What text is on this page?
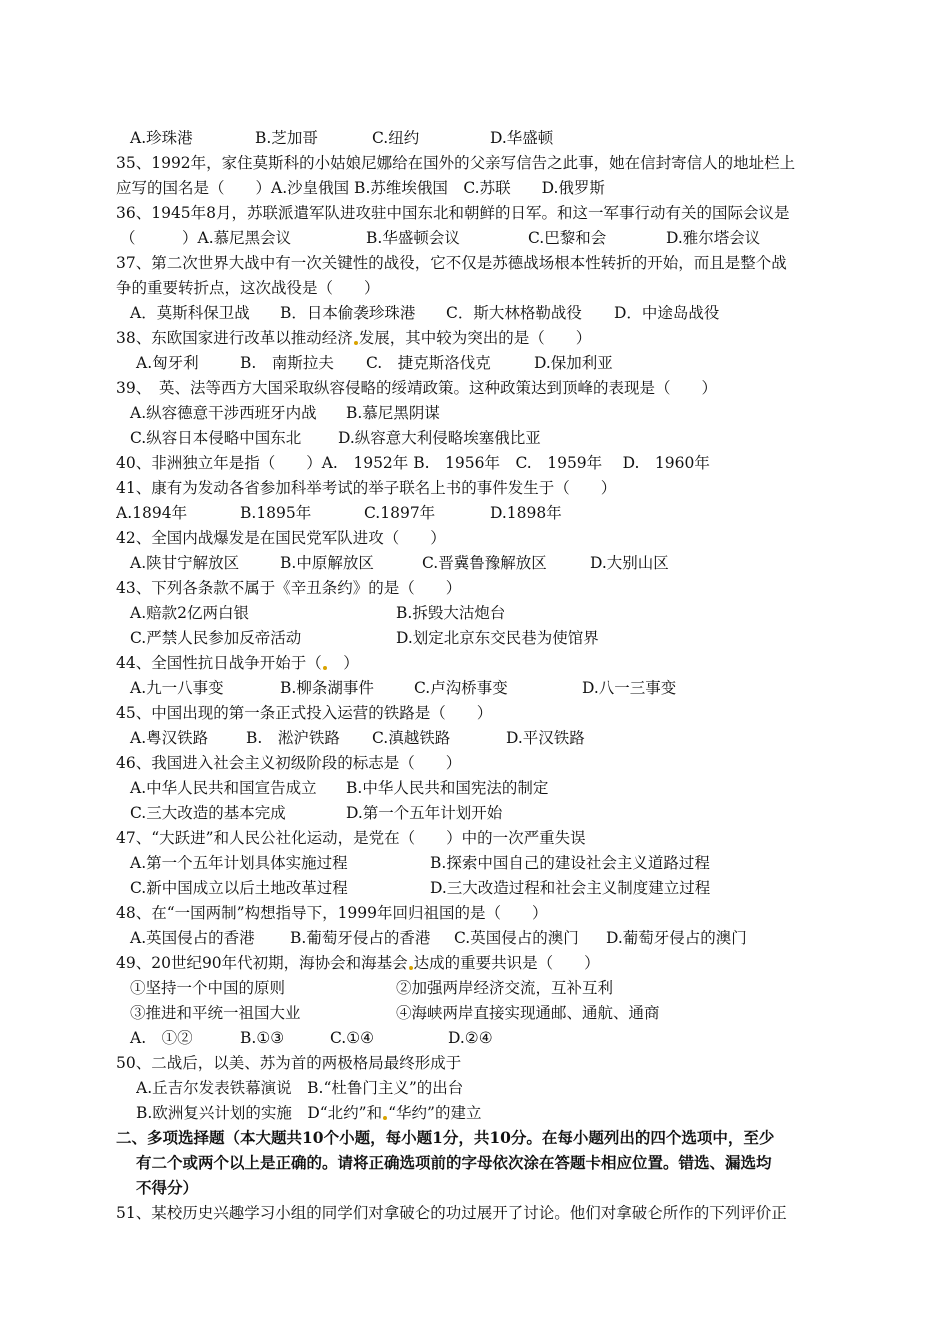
A.珍珠港	B.芝加哥	C.纽约	D.华盛顿
35、1992年，家住莫斯科的小姑娘尼娜给在国外的父亲写信告之此事，她在信封寄信人的地址栏上
应写的国名是（　　）A.沙皇俄国 B.苏维埃俄国　C.苏联　　D.俄罗斯
36、1945年8月，苏联派遣军队进攻驻中国东北和朝鲜的日军。和这一军事行动有关的国际会议是
（　　　）A.慕尼黑会议	B.华盛顿会议	C.巴黎和会	D.雅尔塔会议
37、第二次世界大战中有一次关键性的战役，它不仅是苏德战场根本性转折的开始，而且是整个战
争的重要转折点，这次战役是（　　）
A．莫斯科保卫战 B．日本偷袭珍珠港 C．斯大林格勒战役 D．中途岛战役
38、东欧国家进行改革以推动经济 发展，其中较为突出的是（　　）
A.匈牙利	B.　南斯拉夫 C.　捷克斯洛伐克	D.保加利亚
39、　英、法等西方大国采取纵容侵略的绥靖政策。这种政策达到顶峰的表现是（　　）
A.纵容德意干涉西班牙内战 B.慕尼黑阴谋
C.纵容日本侵略中国东北 D.纵容意大利侵略埃塞俄比亚
40、非洲独立年是指（　　）A.　1952年 B.　1956年　C.　1959年　 D.　1960年
41、康有为发动各省参加科举考试的举子联名上书的事件发生于（　　）
A.1894年	B.1895年	C.1897年	D.1898年
42、全国内战爆发是在国民党军队进攻（　　）
A.陕甘宁解放区	B.中原解放区	C.晋冀鲁豫解放区	D.大别山区
43、下列各条款不属于《辛丑条约》的是（　　）
A.赔款2亿两白银	B.拆毁大沽炮台
C.严禁人民参加反帝活动	D.划定北京东交民巷为使馆界
44、全国性抗日战争开始于（　）
A.九一八事变	B.柳条湖事件	C.卢沟桥事变	D.八一三事变
45、中国出现的第一条正式投入运营的铁路是（　　）
A.粤汉铁路 B.　淞沪铁路 C.滇越铁路	D.平汉铁路
46、我国进入社会主义初级阶段的标志是（　　）
A.中华人民共和国宣告成立 B.中华人民共和国宪法的制定
C.三大改造的基本完成	D.第一个五年计划开始
47、“大跃进”和人民公社化运动，是党在（　　）中的一次严重失误
A.第一个五年计划具体实施过程	B.探索中国自己的建设社会主义道路过程
C.新中国成立以后土地改革过程	D.三大改造过程和社会主义制度建立过程
48、在“一国两制”构想指导下，1999年回归祖国的是（　　）
A.英国侵占的香港 B.葡萄牙侵占的香港 C.英国侵占的澳门 D.葡萄牙侵占的澳门
49、20世纪90年代初期，海协会和海基会 达成的重要共识是（　　）
①坚持一个中国的原则	②加强两岸经济交流，互补互利
③推进和平统一祖国大业	④海峡两岸直接实现通邮、通航、通商
A.　①②	B.①③	C.①④	D.②④
50、二战后，以美、苏为首的两极格局最终形成于
A.丘吉尔发表铁幕演说　B.“杜鲁门主义”的出台
B.欧洲复兴计划的实施　D“北约”和 “华约”的建立
二、多项选择题（本大题共10个小题，每小题1分，共10分。在每小题列出的四个选项中，至少
有二个或两个以上是正确的。请将正确选项前的字母依次涂在答题卡相应位置。错选、漏选均
不得分）
51、某校历史兴趣学习小组的同学们对拿破仑的功过展开了讨论。他们对拿破仑所作的下列评价正
